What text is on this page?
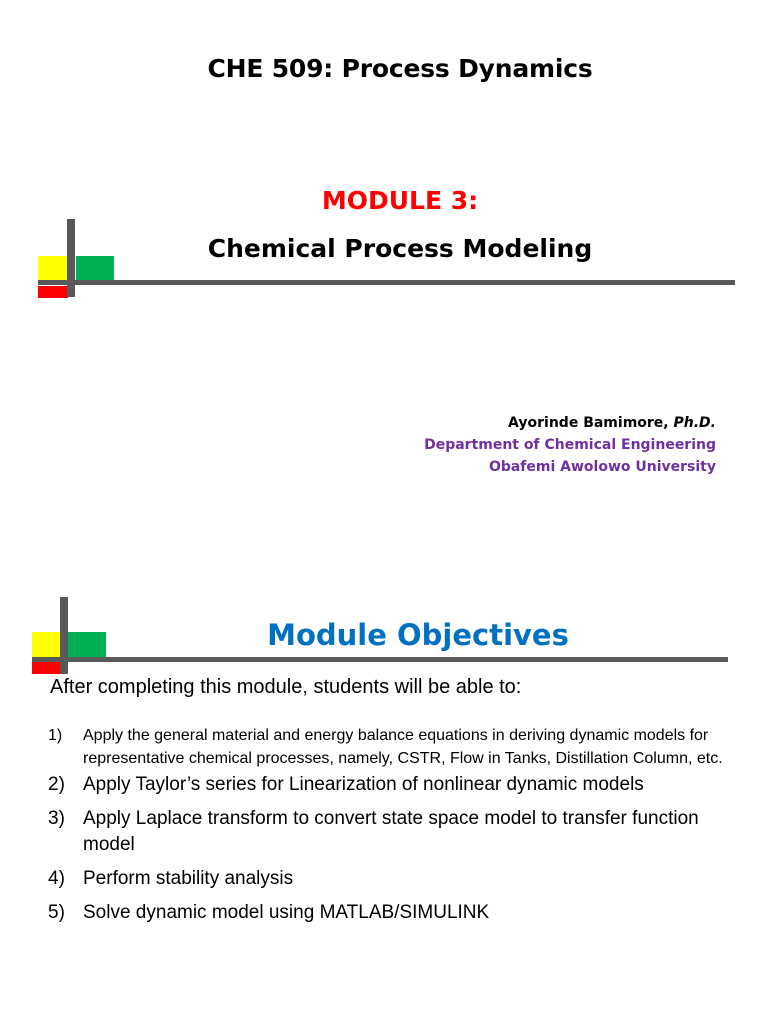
CHE 509: Process Dynamics
MODULE 3:
Chemical Process Modeling
Ayorinde Bamimore, Ph.D.
Department of Chemical Engineering
Obafemi Awolowo University
Module Objectives
After completing this module, students will be able to:
1) Apply the general material and energy balance equations in deriving dynamic models for representative chemical processes, namely, CSTR, Flow in Tanks, Distillation Column, etc.
2) Apply Taylor’s series for Linearization of nonlinear dynamic models
3) Apply Laplace transform to convert state space model to transfer function model
4) Perform stability analysis
5) Solve dynamic model using MATLAB/SIMULINK
